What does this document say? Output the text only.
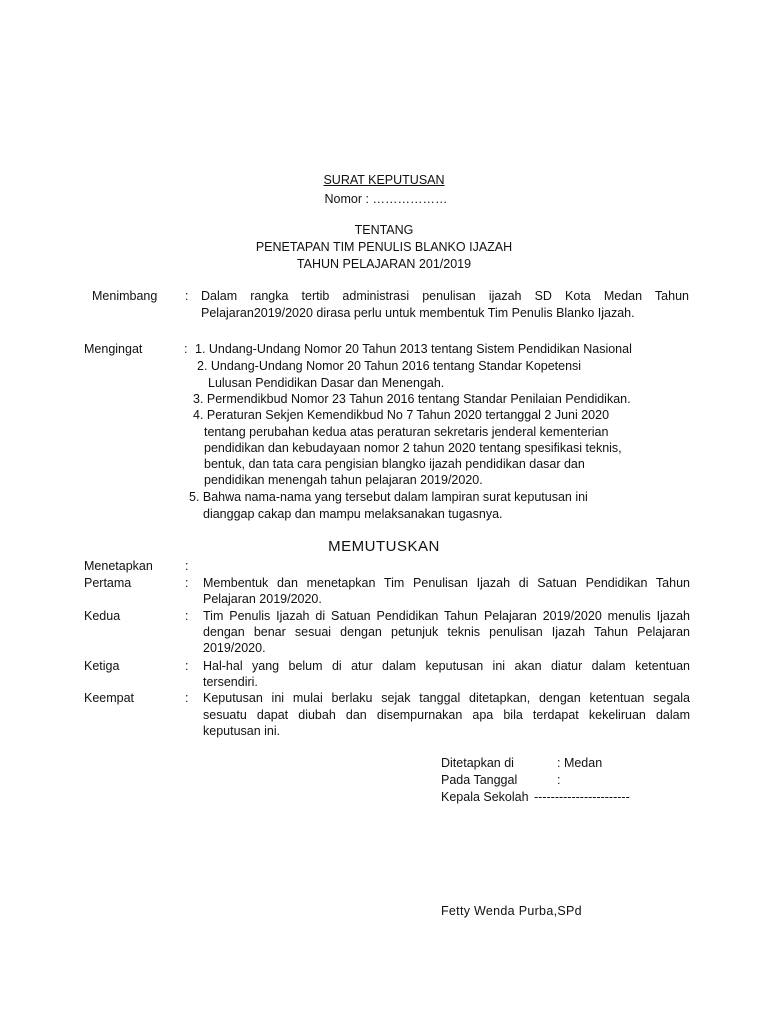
SURAT KEPUTUSAN
Nomor : ………………
TENTANG
PENETAPAN TIM PENULIS BLANKO IJAZAH
TAHUN PELAJARAN 201/2019
Menimbang : Dalam rangka tertib administrasi penulisan ijazah SD Kota Medan Tahun
Pelajaran2019/2020 dirasa perlu untuk membentuk Tim Penulis Blanko Ijazah.
Mengingat	: 1. Undang-Undang Nomor 20 Tahun 2013 tentang Sistem Pendidikan Nasional
2. Undang-Undang Nomor 20 Tahun 2016 tentang Standar Kopetensi
Lulusan Pendidikan Dasar dan Menengah.
3. Permendikbud Nomor 23 Tahun 2016 tentang Standar Penilaian Pendidikan.
4. Peraturan Sekjen Kemendikbud No 7 Tahun 2020 tertanggal 2 Juni 2020
tentang perubahan kedua atas peraturan sekretaris jenderal kementerian
pendidikan dan kebudayaan nomor 2 tahun 2020 tentang spesifikasi teknis,
bentuk, dan tata cara pengisian blangko ijazah pendidikan dasar dan
pendidikan menengah tahun pelajaran 2019/2020.
5. Bahwa nama-nama yang tersebut dalam lampiran surat keputusan ini
dianggap cakap dan mampu melaksanakan tugasnya.
MEMUTUSKAN
Menetapkan	:
Pertama	: Membentuk dan menetapkan Tim Penulisan Ijazah di Satuan Pendidikan Tahun
Pelajaran 2019/2020.
Kedua	: Tim Penulis Ijazah di Satuan Pendidikan Tahun Pelajaran 2019/2020 menulis Ijazah
dengan benar sesuai dengan petunjuk teknis penulisan Ijazah Tahun Pelajaran
2019/2020.
Ketiga	: Hal-hal yang belum di atur dalam keputusan ini akan diatur dalam ketentuan
tersendiri.
Keempat	: Keputusan ini mulai berlaku sejak tanggal ditetapkan, dengan ketentuan segala
sesuatu dapat diubah dan disempurnakan apa bila terdapat kekeliruan dalam
keputusan ini.
Ditetapkan di	: Medan
Pada Tanggal	:
Kepala Sekolah -----------------------
Fetty Wenda Purba,SPd
